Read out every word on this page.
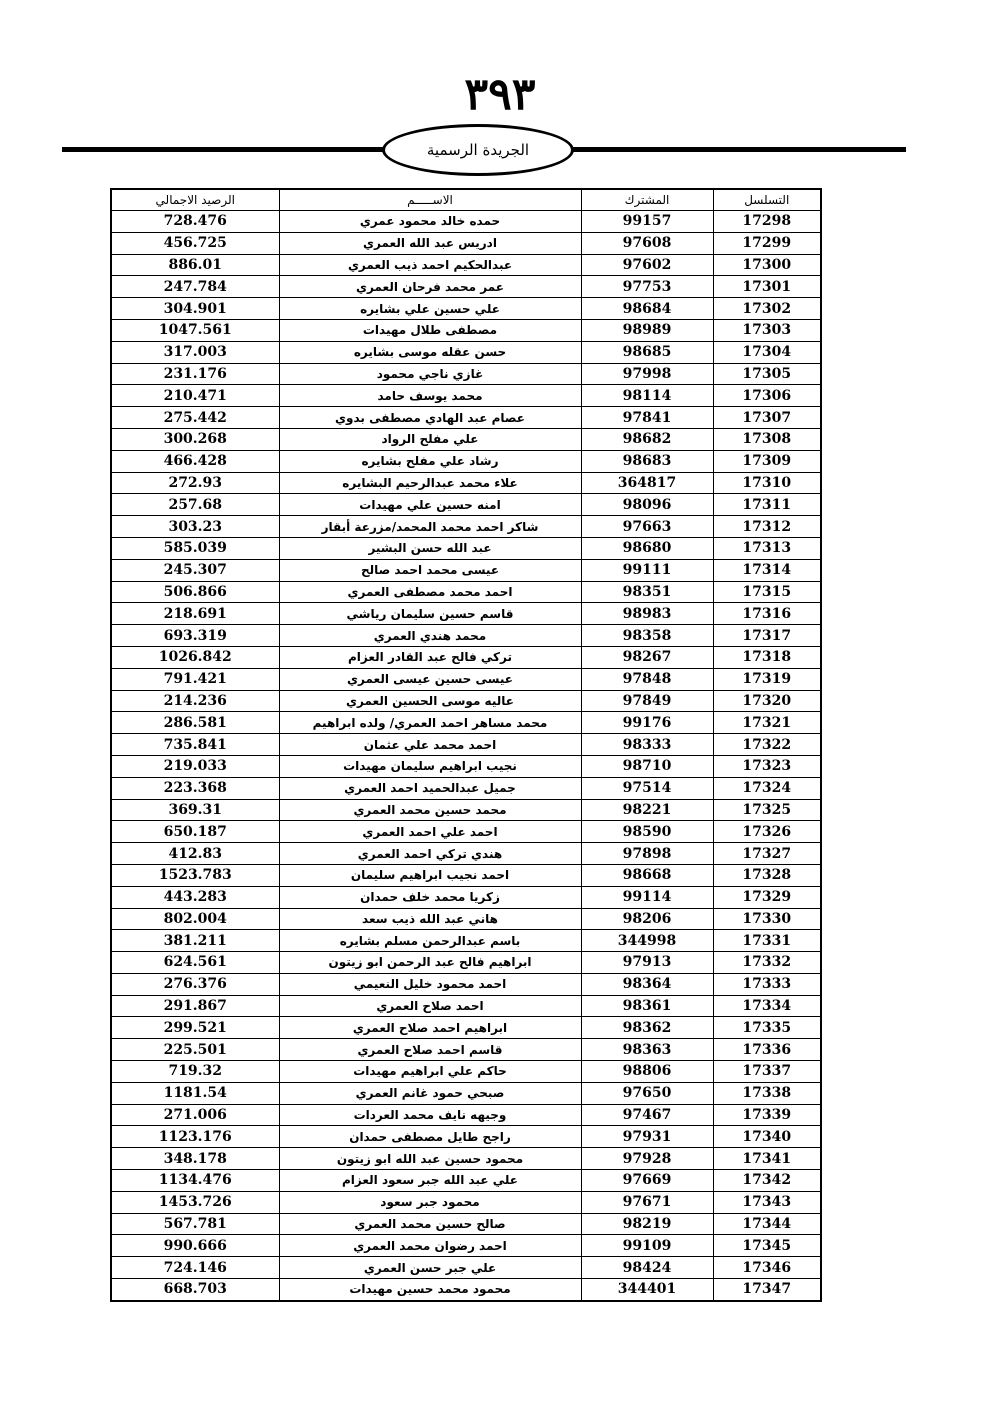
٣٩٣
الجريدة الرسمية
التسلسل	المشترك	الاســـــم	الرصيد الاجمالي
17298	99157	حمده خالد محمود عمري	728.476
17299	97608	ادريس عبد الله العمري	456.725
17300	97602	عبدالحكيم احمد ذيب العمري	886.01
17301	97753	عمر محمد فرحان العمري	247.784
17302	98684	علي حسين علي بشايره	304.901
17303	98989	مصطفى طلال مهيدات	1047.561
17304	98685	حسن عقله موسى بشايره	317.003
17305	97998	غازي ناجي محمود	231.176
17306	98114	محمد يوسف حامد	210.471
17307	97841	عصام عبد الهادي مصطفى بدوي	275.442
17308	98682	علي مفلح الرواد	300.268
17309	98683	رشاد علي مفلح بشايره	466.428
17310	364817	علاء محمد عبدالرحيم البشايره	272.93
17311	98096	امنه حسين علي مهيدات	257.68
17312	97663	شاكر احمد محمد المحمد/مزرعة أبقار	303.23
17313	98680	عبد الله حسن البشير	585.039
17314	99111	عيسى محمد احمد صالح	245.307
17315	98351	احمد محمد مصطفى العمري	506.866
17316	98983	قاسم حسين سليمان رياشي	218.691
17317	98358	محمد هندي العمري	693.319
17318	98267	تركي فالح عبد القادر العزام	1026.842
17319	97848	عيسى حسين عيسى العمري	791.421
17320	97849	عاليه موسى الحسين العمري	214.236
17321	99176	محمد مساهر احمد العمري/ ولده ابراهيم	286.581
17322	98333	احمد محمد علي عثمان	735.841
17323	98710	نجيب ابراهيم سليمان مهيدات	219.033
17324	97514	جميل عبدالحميد احمد العمري	223.368
17325	98221	محمد حسين محمد العمري	369.31
17326	98590	احمد علي احمد العمري	650.187
17327	97898	هندي تركي احمد العمري	412.83
17328	98668	احمد نجيب ابراهيم سليمان	1523.783
17329	99114	زكريا محمد خلف حمدان	443.283
17330	98206	هاني عبد الله ذيب سعد	802.004
17331	344998	باسم عبدالرحمن مسلم بشايره	381.211
17332	97913	ابراهيم فالح عبد الرحمن ابو زيتون	624.561
17333	98364	احمد محمود خليل النعيمي	276.376
17334	98361	احمد صلاح العمري	291.867
17335	98362	ابراهيم احمد صلاح العمري	299.521
17336	98363	قاسم احمد صلاح العمري	225.501
17337	98806	حاكم علي ابراهيم مهيدات	719.32
17338	97650	صبحي حمود غانم العمري	1181.54
17339	97467	وجيهه نايف محمد العردات	271.006
17340	97931	راجح طايل مصطفى حمدان	1123.176
17341	97928	محمود حسين عبد الله ابو زيتون	348.178
17342	97669	علي عبد الله جبر سعود العزام	1134.476
17343	97671	محمود جبر سعود	1453.726
17344	98219	صالح حسين محمد العمري	567.781
17345	99109	احمد رضوان محمد العمري	990.666
17346	98424	علي جبر حسن العمري	724.146
17347	344401	محمود محمد حسين مهيدات	668.703
